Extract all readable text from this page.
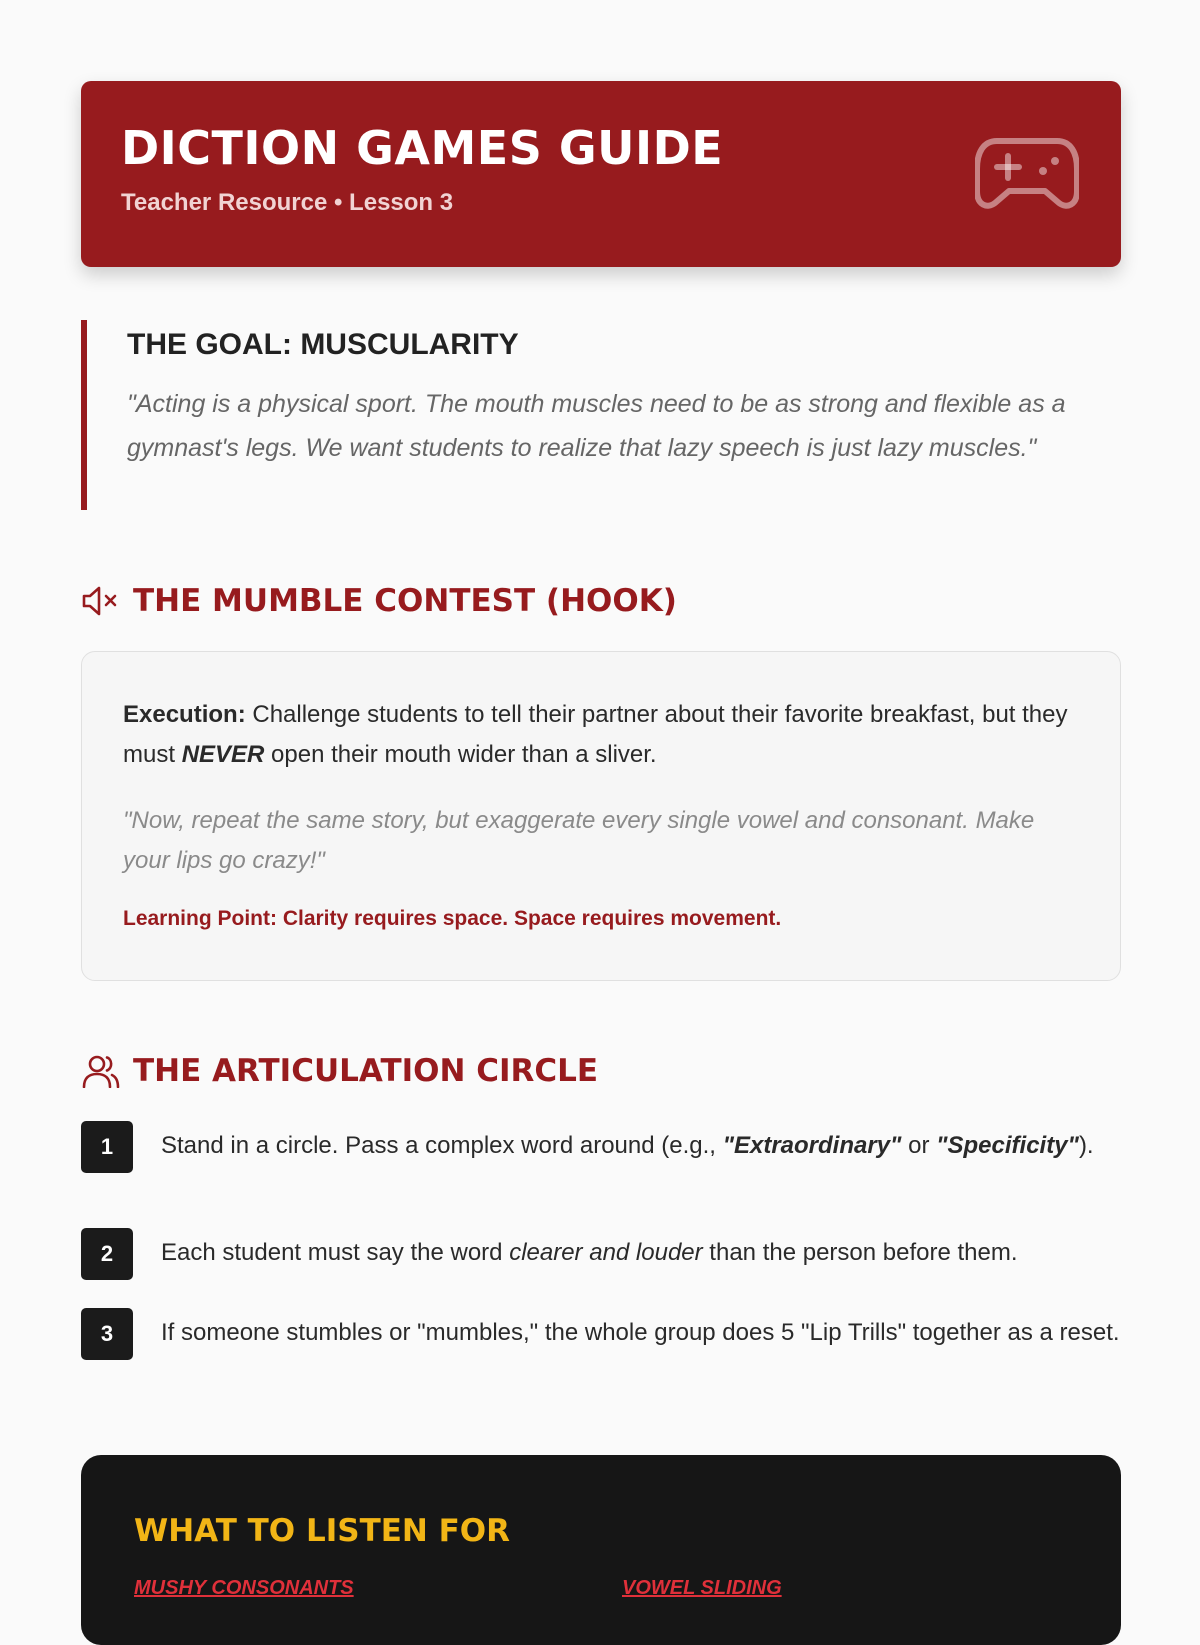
DICTION GAMES GUIDE
Teacher Resource • Lesson 3
THE GOAL: MUSCULARITY

"Acting is a physical sport. The mouth muscles need to be as strong and flexible as a gymnast's legs. We want students to realize that lazy speech is just lazy muscles."

THE MUMBLE CONTEST (HOOK)

Execution: Challenge students to tell their partner about their favorite breakfast, but they must NEVER open their mouth wider than a sliver.

"Now, repeat the same story, but exaggerate every single vowel and consonant. Make your lips go crazy!"

Learning Point: Clarity requires space. Space requires movement.

THE ARTICULATION CIRCLE
1	Stand in a circle. Pass a complex word around (e.g., "Extraordinary" or "Specificity").
2	Each student must say the word clearer and louder than the person before them.
3	If someone stumbles or "mumbles," the whole group does 5 "Lip Trills" together as a reset.
WHAT TO LISTEN FOR

MUSHY CONSONANTS	VOWEL SLIDING
